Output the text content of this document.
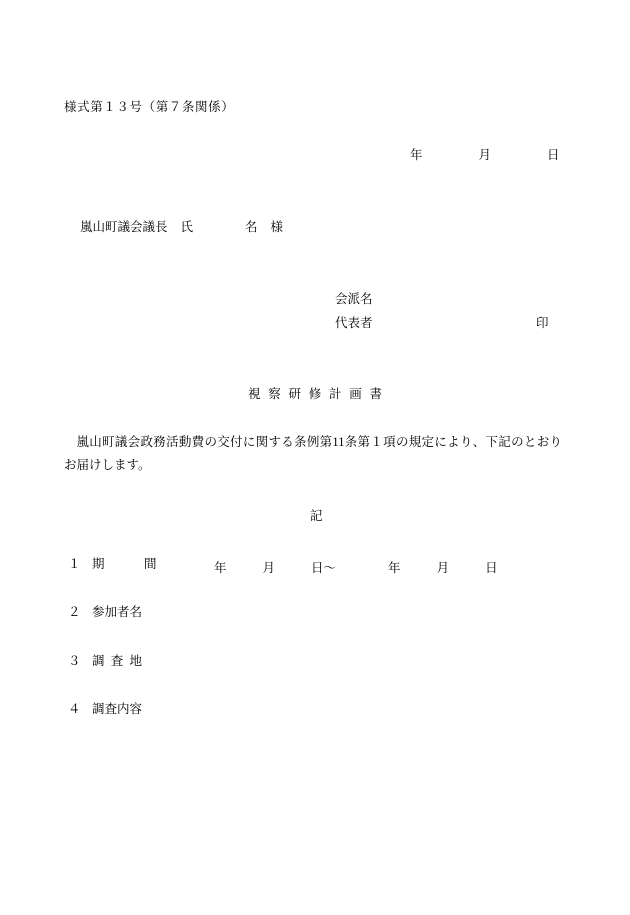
様式第１３号（第７条関係）
年	月	日
嵐山町議会議長 氏	名 様
会派名
代表者	印
視  察  研  修  計  画  書
嵐山町議会政務活動費の交付に関する条例第11条第１項の規定により、下記のとおりお届けします。
記
１ 期　　　間	年	月	日～	年	月	日
２ 参加者名
３ 調  査  地
４ 調査内容
